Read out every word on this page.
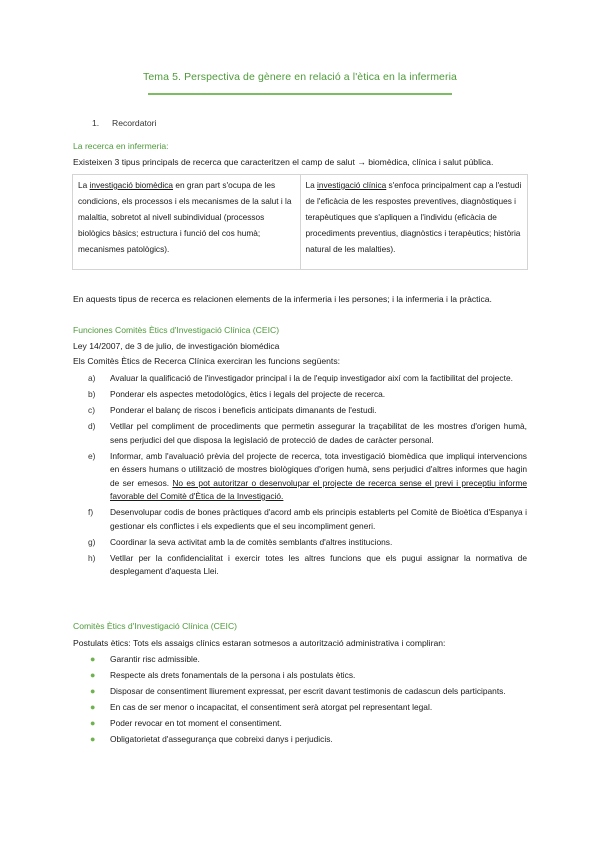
Tema 5. Perspectiva de gènere en relació a l'ètica en la infermeria
1. Recordatori
La recerca en infermeria:
Existeixen 3 tipus principals de recerca que caracteritzen el camp de salut → biomèdica, clínica i salut pública.
La investigació biomèdica en gran part s'ocupa de les condicions, els processos i els mecanismes de la salut i la malaltia, sobretot al nivell subindividual (processos biològics bàsics; estructura i funció del cos humà; mecanismes patològics).	La investigació clínica s'enfoca principalment cap a l'estudi de l'eficàcia de les respostes preventives, diagnòstiques i terapèutiques que s'apliquen a l'individu (eficàcia de procediments preventius, diagnòstics i terapèutics; història natural de les malalties).
En aquests tipus de recerca es relacionen elements de la infermeria i les persones; i la infermeria i la pràctica.
Funciones Comitès Ètics d'Investigació Clínica (CEIC)
Ley 14/2007, de 3 de julio, de investigación biomédica
Els Comitès Ètics de Recerca Clínica exerciran les funcions següents:
a) Avaluar la qualificació de l'investigador principal i la de l'equip investigador així com la factibilitat del projecte.
b) Ponderar els aspectes metodològics, ètics i legals del projecte de recerca.
c) Ponderar el balanç de riscos i beneficis anticipats dimanants de l'estudi.
d) Vetllar pel compliment de procediments que permetin assegurar la traçabilitat de les mostres d'origen humà, sens perjudici del que disposa la legislació de protecció de dades de caràcter personal.
e) Informar, amb l'avaluació prèvia del projecte de recerca, tota investigació biomèdica que impliqui intervencions en éssers humans o utilització de mostres biològiques d'origen humà, sens perjudici d'altres informes que hagin de ser emesos. No es pot autoritzar o desenvolupar el projecte de recerca sense el previ i preceptiu informe favorable del Comitè d'Ètica de la Investigació.
f) Desenvolupar codis de bones pràctiques d'acord amb els principis establerts pel Comitè de Bioètica d'Espanya i gestionar els conflictes i els expedients que el seu incompliment generi.
g) Coordinar la seva activitat amb la de comitès semblants d'altres institucions.
h) Vetllar per la confidencialitat i exercir totes les altres funcions que els pugui assignar la normativa de desplegament d'aquesta Llei.
Comitès Ètics d'Investigació Clínica (CEIC)
Postulats ètics: Tots els assaigs clínics estaran sotmesos a autorització administrativa i compliran:
● Garantir risc admissible.
● Respecte als drets fonamentals de la persona i als postulats ètics.
● Disposar de consentiment lliurement expressat, per escrit davant testimonis de cadascun dels participants.
● En cas de ser menor o incapacitat, el consentiment serà atorgat pel representant legal.
● Poder revocar en tot moment el consentiment.
● Obligatorietat d'assegurança que cobreixi danys i perjudicis.
